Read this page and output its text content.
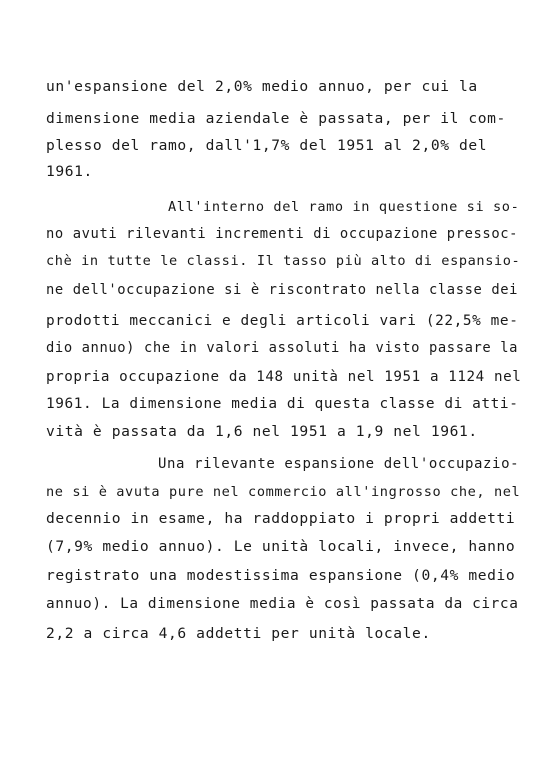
un'espansione del 2,0% medio annuo, per cui la
dimensione media aziendale è passata, per il com-
plesso del ramo, dall'1,7% del 1951 al 2,0% del
1961.
All'interno del ramo in questione si so-
no avuti rilevanti incrementi di occupazione pressoc-
chè in tutte le classi. Il tasso più alto di espansio-
ne dell'occupazione si è riscontrato nella classe dei
prodotti meccanici e degli articoli vari (22,5% me-
dio annuo) che in valori assoluti ha visto passare la
propria occupazione da 148 unità nel 1951 a 1124 nel
1961. La dimensione media di questa classe di atti-
vità è passata da 1,6 nel 1951 a 1,9 nel 1961.
Una rilevante espansione dell'occupazio-
ne si è avuta pure nel commercio all'ingrosso che, nel
decennio in esame, ha raddoppiato i propri addetti
(7,9% medio annuo). Le unità locali, invece, hanno
registrato una modestissima espansione (0,4% medio
annuo). La dimensione media è così passata da circa
2,2 a circa 4,6 addetti per unità locale.
